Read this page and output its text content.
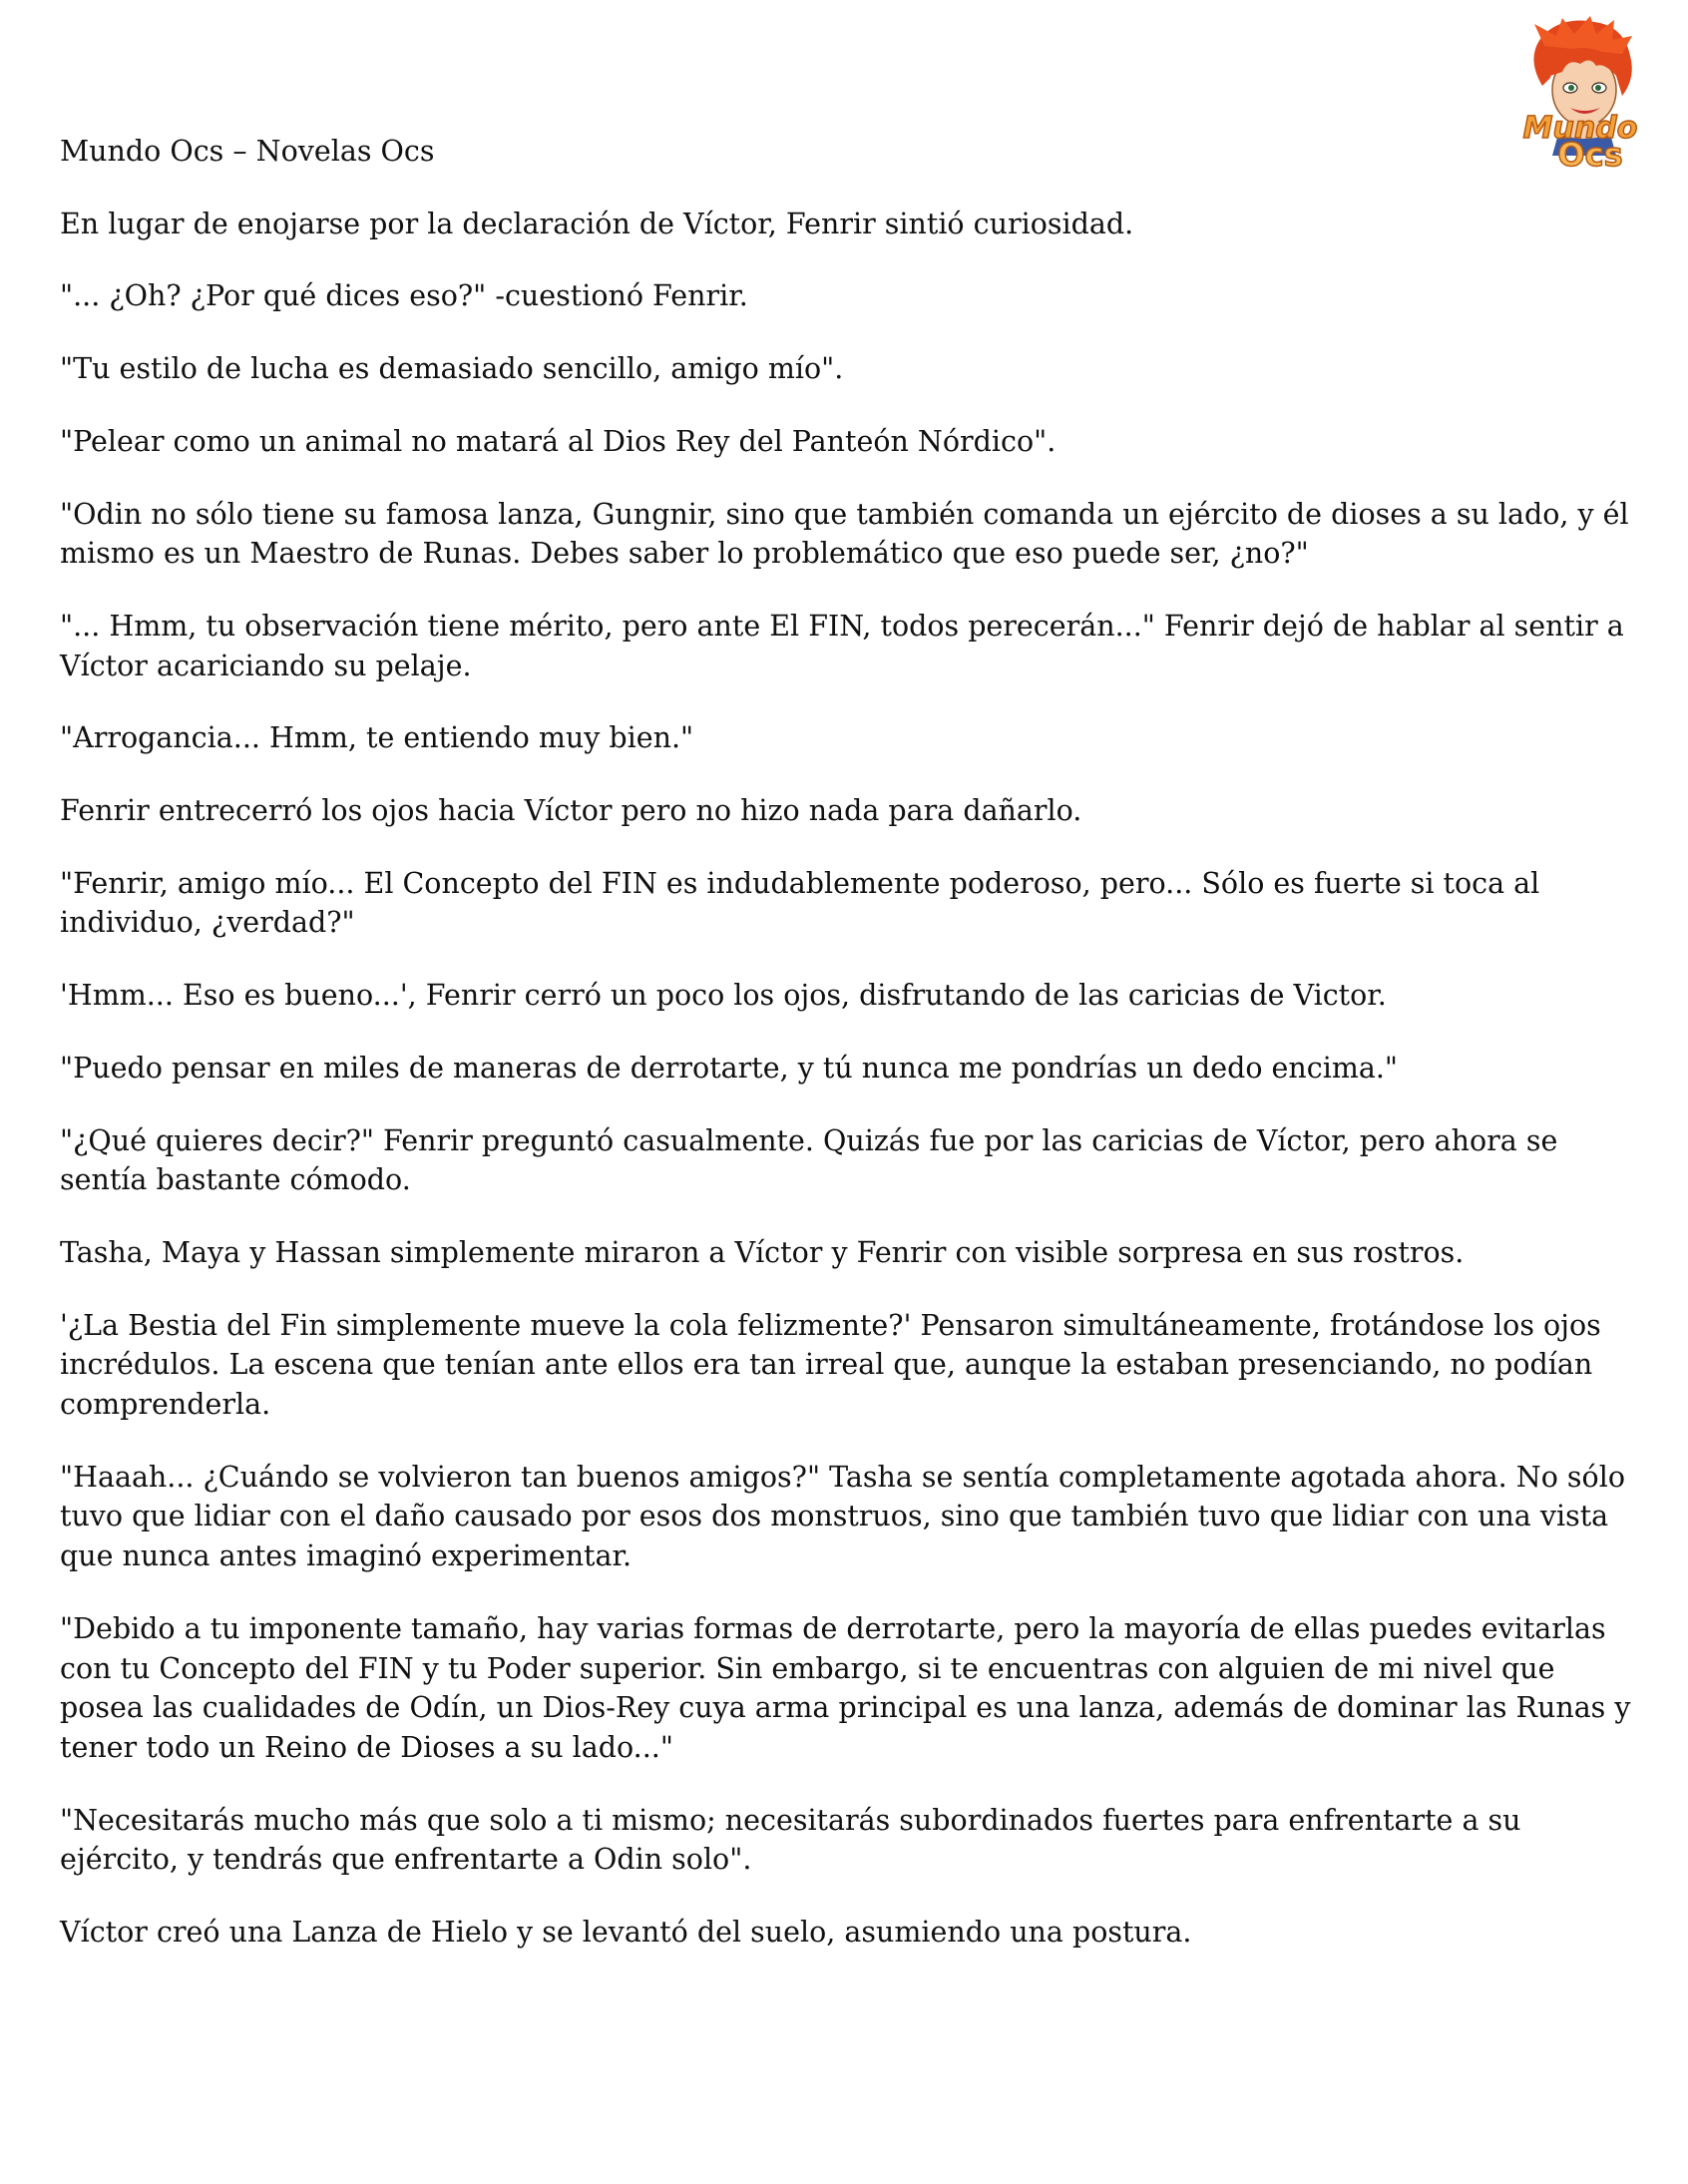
Mundo
Ocs

Mundo Ocs – Novelas Ocs

En lugar de enojarse por la declaración de Víctor, Fenrir sintió curiosidad.

"... ¿Oh? ¿Por qué dices eso?" -cuestionó Fenrir.

"Tu estilo de lucha es demasiado sencillo, amigo mío".

"Pelear como un animal no matará al Dios Rey del Panteón Nórdico".

"Odin no sólo tiene su famosa lanza, Gungnir, sino que también comanda un ejército de dioses a su lado, y él mismo es un Maestro de Runas. Debes saber lo problemático que eso puede ser, ¿no?"

"... Hmm, tu observación tiene mérito, pero ante El FIN, todos perecerán..." Fenrir dejó de hablar al sentir a Víctor acariciando su pelaje.

"Arrogancia... Hmm, te entiendo muy bien."

Fenrir entrecerró los ojos hacia Víctor pero no hizo nada para dañarlo.

"Fenrir, amigo mío... El Concepto del FIN es indudablemente poderoso, pero... Sólo es fuerte si toca al individuo, ¿verdad?"

'Hmm... Eso es bueno...', Fenrir cerró un poco los ojos, disfrutando de las caricias de Victor.

"Puedo pensar en miles de maneras de derrotarte, y tú nunca me pondrías un dedo encima."

"¿Qué quieres decir?" Fenrir preguntó casualmente. Quizás fue por las caricias de Víctor, pero ahora se sentía bastante cómodo.

Tasha, Maya y Hassan simplemente miraron a Víctor y Fenrir con visible sorpresa en sus rostros.

'¿La Bestia del Fin simplemente mueve la cola felizmente?' Pensaron simultáneamente, frotándose los ojos incrédulos. La escena que tenían ante ellos era tan irreal que, aunque la estaban presenciando, no podían comprenderla.

"Haaah... ¿Cuándo se volvieron tan buenos amigos?" Tasha se sentía completamente agotada ahora. No sólo tuvo que lidiar con el daño causado por esos dos monstruos, sino que también tuvo que lidiar con una vista que nunca antes imaginó experimentar.

"Debido a tu imponente tamaño, hay varias formas de derrotarte, pero la mayoría de ellas puedes evitarlas con tu Concepto del FIN y tu Poder superior. Sin embargo, si te encuentras con alguien de mi nivel que posea las cualidades de Odín, un Dios-Rey cuya arma principal es una lanza, además de dominar las Runas y tener todo un Reino de Dioses a su lado..."

"Necesitarás mucho más que solo a ti mismo; necesitarás subordinados fuertes para enfrentarte a su ejército, y tendrás que enfrentarte a Odin solo".

Víctor creó una Lanza de Hielo y se levantó del suelo, asumiendo una postura.
